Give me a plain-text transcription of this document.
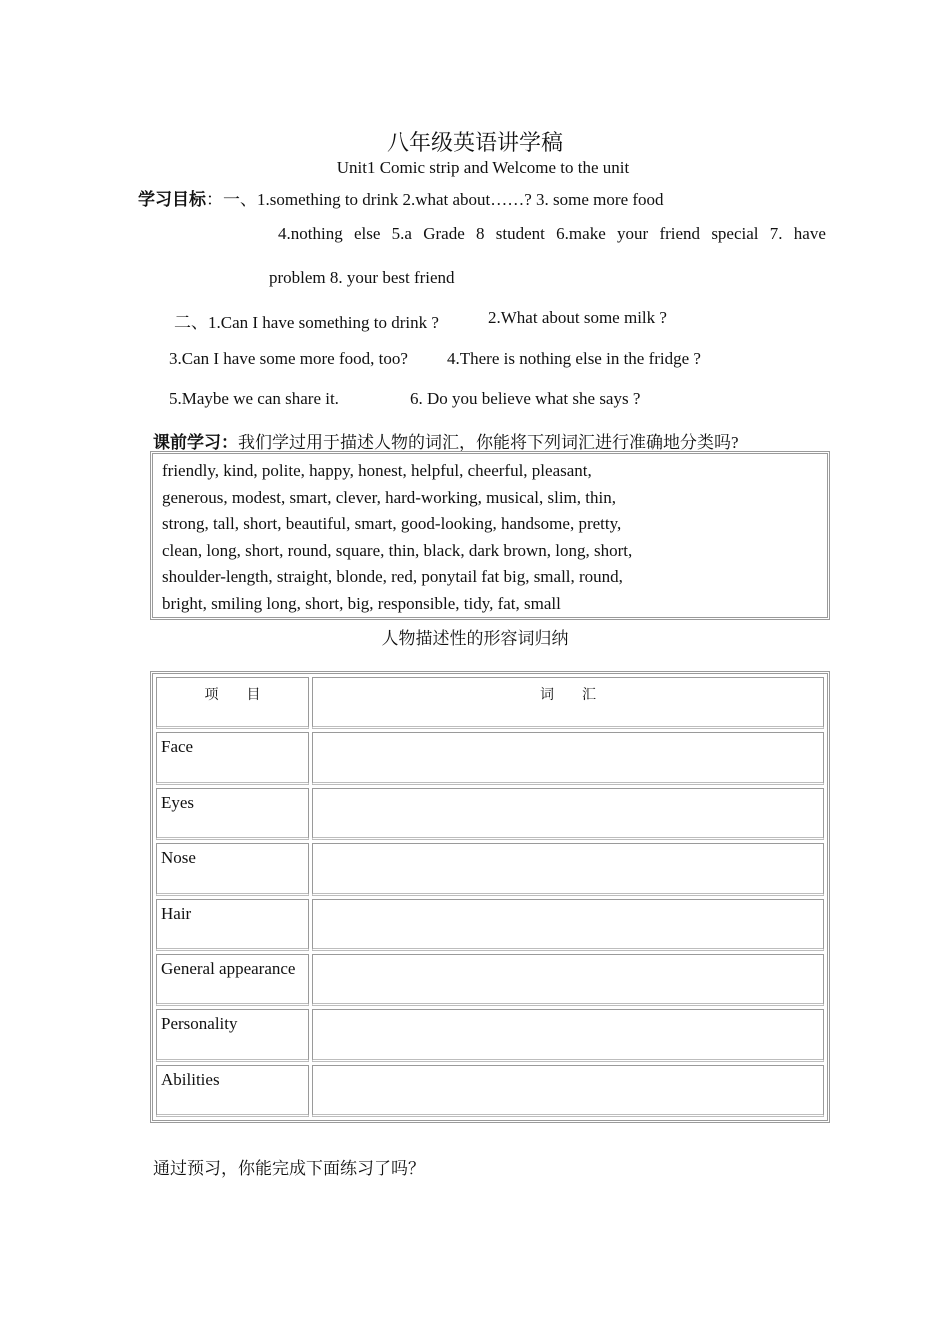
八年级英语讲学稿
Unit1 Comic strip and Welcome to the unit
学习目标：一、1.something to drink 2.what about……? 3. some more food
4.nothing else 5.a Grade 8 student 6.make your friend special 7. have
problem 8. your best friend
二、1.Can I have something to drink ?	2.What about some milk ?
3.Can I have some more food, too? 4.There is nothing else in the fridge ?
5.Maybe we can share it.	6. Do you believe what she says ?
课前学习：我们学过用于描述人物的词汇，你能将下列词汇进行准确地分类吗?
friendly, kind, polite, happy, honest, helpful, cheerful, pleasant,
generous, modest, smart, clever, hard-working, musical, slim, thin,
strong, tall, short, beautiful, smart, good-looking, handsome, pretty,
clean, long, short, round, square, thin, black, dark brown, long, short,
shoulder-length, straight, blonde, red, ponytail fat big, small, round,
bright, smiling long, short, big, responsible, tidy, fat, small
人物描述性的形容词归纳
项　　目	词　　汇
Face	
Eyes	
Nose	
Hair	
General appearance	
Personality	
Abilities	
通过预习，你能完成下面练习了吗？
